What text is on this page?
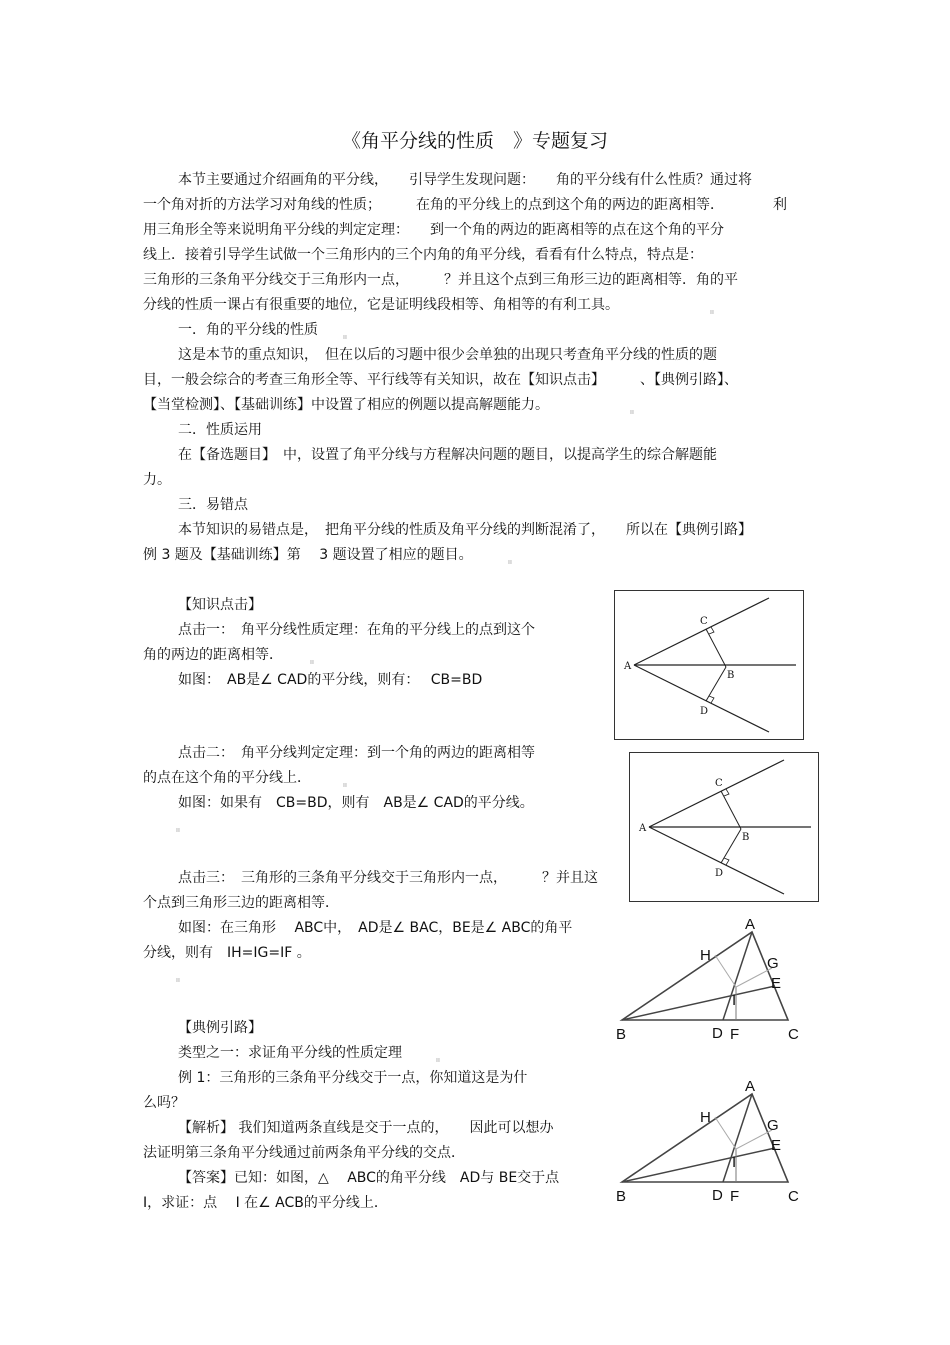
《角平分线的性质　》专题复习
本节主要通过介绍画角的平分线，　　引导学生发现问题：　　角的平分线有什么性质？通过将
一个角对折的方法学习对角线的性质；　　　在角的平分线上的点到这个角的两边的距离相等．　　　　利
用三角形全等来说明角平分线的判定定理：　　到一个角的两边的距离相等的点在这个角的平分
线上．接着引导学生试做一个三角形内的三个内角的角平分线，看看有什么特点，特点是：
三角形的三条角平分线交于三角形内一点，　　　？并且这个点到三角形三边的距离相等．角的平
分线的性质一课占有很重要的地位，它是证明线段相等、角相等的有利工具。
一．角的平分线的性质
这是本节的重点知识，　但在以后的习题中很少会单独的出现只考查角平分线的性质的题
目，一般会综合的考查三角形全等、平行线等有关知识，故在【知识点击】　　　、【典例引路】、
【当堂检测】、【基础训练】中设置了相应的例题以提高解题能力。
二．性质运用
在【备选题目】　中，设置了角平分线与方程解决问题的题目，以提高学生的综合解题能
力。
三．易错点
本节知识的易错点是，　把角平分线的性质及角平分线的判断混淆了，　　所以在【典例引路】
例 3 题及【基础训练】第　 3 题设置了相应的题目。
【知识点击】
点击一：　角平分线性质定理：在角的平分线上的点到这个
角的两边的距离相等．
如图：　AB是∠ CAD的平分线，则有：　 CB=BD
点击二：　角平分线判定定理：到一个角的两边的距离相等
的点在这个角的平分线上．
如图：如果有　CB=BD，则有　AB是∠ CAD的平分线。
点击三：　三角形的三条角平分线交于三角形内一点，　　　？并且这
个点到三角形三边的距离相等．
如图：在三角形　 ABC中，　AD是∠ BAC，BE是∠ ABC的角平
分线，则有　IH=IG=IF 。
【典例引路】
类型之一：求证角平分线的性质定理
例 1：三角形的三条角平分线交于一点，你知道这是为什
么吗？
【解析】 我们知道两条直线是交于一点的，　　因此可以想办
法证明第三条角平分线通过前两条角平分线的交点．
【答案】已知：如图，△　 ABC的角平分线　AD与 BE交于点
I，求证：点　 I 在∠ ACB的平分线上．
A
B
C
D
A
B
C
D
A
B	C
D F
H	G
E
I
A
B	C
D F
H	G
E
I
ıı
ıı
ıı
ıı
ıı
ıı
ıı
ıı
ıı
